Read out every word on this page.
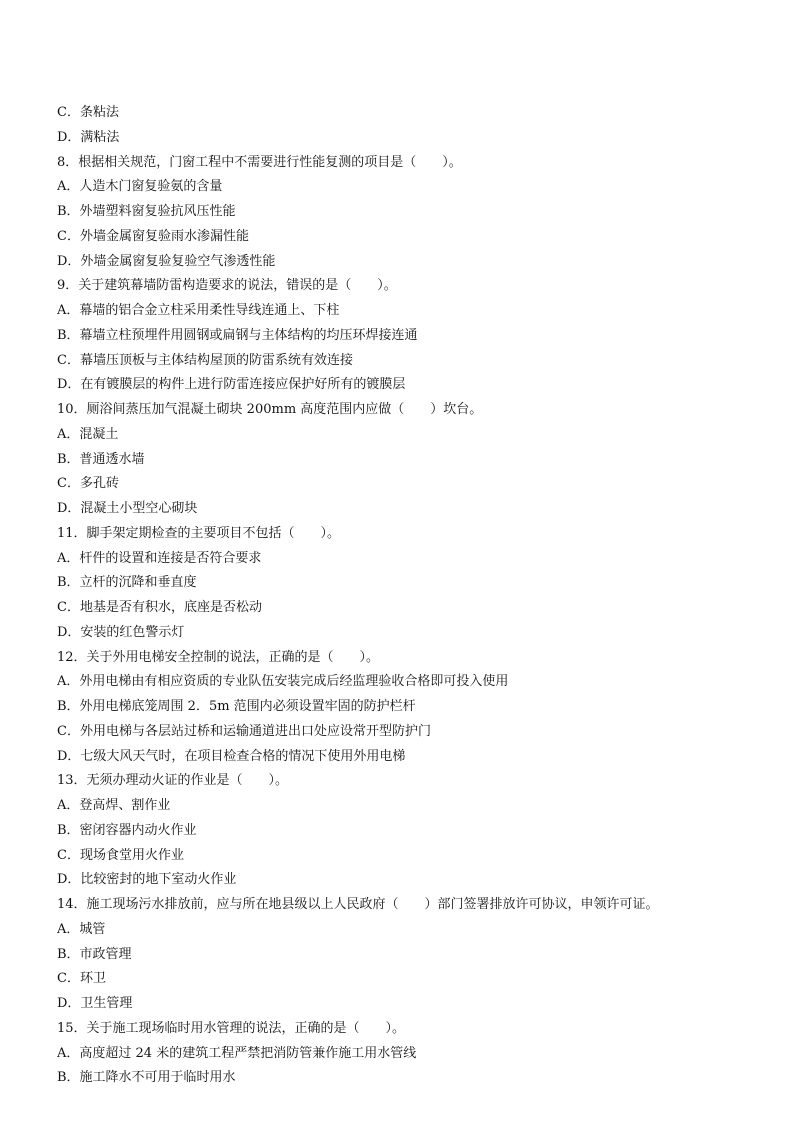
C．条粘法
D．满粘法
8．根据相关规范，门窗工程中不需要进行性能复测的项目是（　　）。
A．人造木门窗复验氨的含量
B．外墙塑料窗复验抗风压性能
C．外墙金属窗复验雨水渗漏性能
D．外墙金属窗复验复验空气渗透性能
9．关于建筑幕墙防雷构造要求的说法，错误的是（　　）。
A．幕墙的铝合金立柱采用柔性导线连通上、下柱
B．幕墙立柱预埋件用圆钢或扁钢与主体结构的均压环焊接连通
C．幕墙压顶板与主体结构屋顶的防雷系统有效连接
D．在有镀膜层的构件上进行防雷连接应保护好所有的镀膜层
10．厕浴间蒸压加气混凝土砌块 200mm 高度范围内应做（　　）坎台。
A．混凝土
B．普通透水墙
C．多孔砖
D．混凝土小型空心砌块
11．脚手架定期检查的主要项目不包括（　　）。
A．杆件的设置和连接是否符合要求
B．立杆的沉降和垂直度
C．地基是否有积水，底座是否松动
D．安装的红色警示灯
12．关于外用电梯安全控制的说法，正确的是（　　）。
A．外用电梯由有相应资质的专业队伍安装完成后经监理验收合格即可投入使用
B．外用电梯底笼周围 2．5m 范围内必须设置牢固的防护栏杆
C．外用电梯与各层站过桥和运输通道进出口处应设常开型防护门
D．七级大风天气时，在项目检查合格的情况下使用外用电梯
13．无须办理动火证的作业是（　　）。
A．登高焊、割作业
B．密闭容器内动火作业
C．现场食堂用火作业
D．比较密封的地下室动火作业
14．施工现场污水排放前，应与所在地县级以上人民政府（　　）部门签署排放许可协议，申领许可证。
A．城管
B．市政管理
C．环卫
D．卫生管理
15．关于施工现场临时用水管理的说法，正确的是（　　）。
A．高度超过 24 米的建筑工程严禁把消防管兼作施工用水管线
B．施工降水不可用于临时用水
